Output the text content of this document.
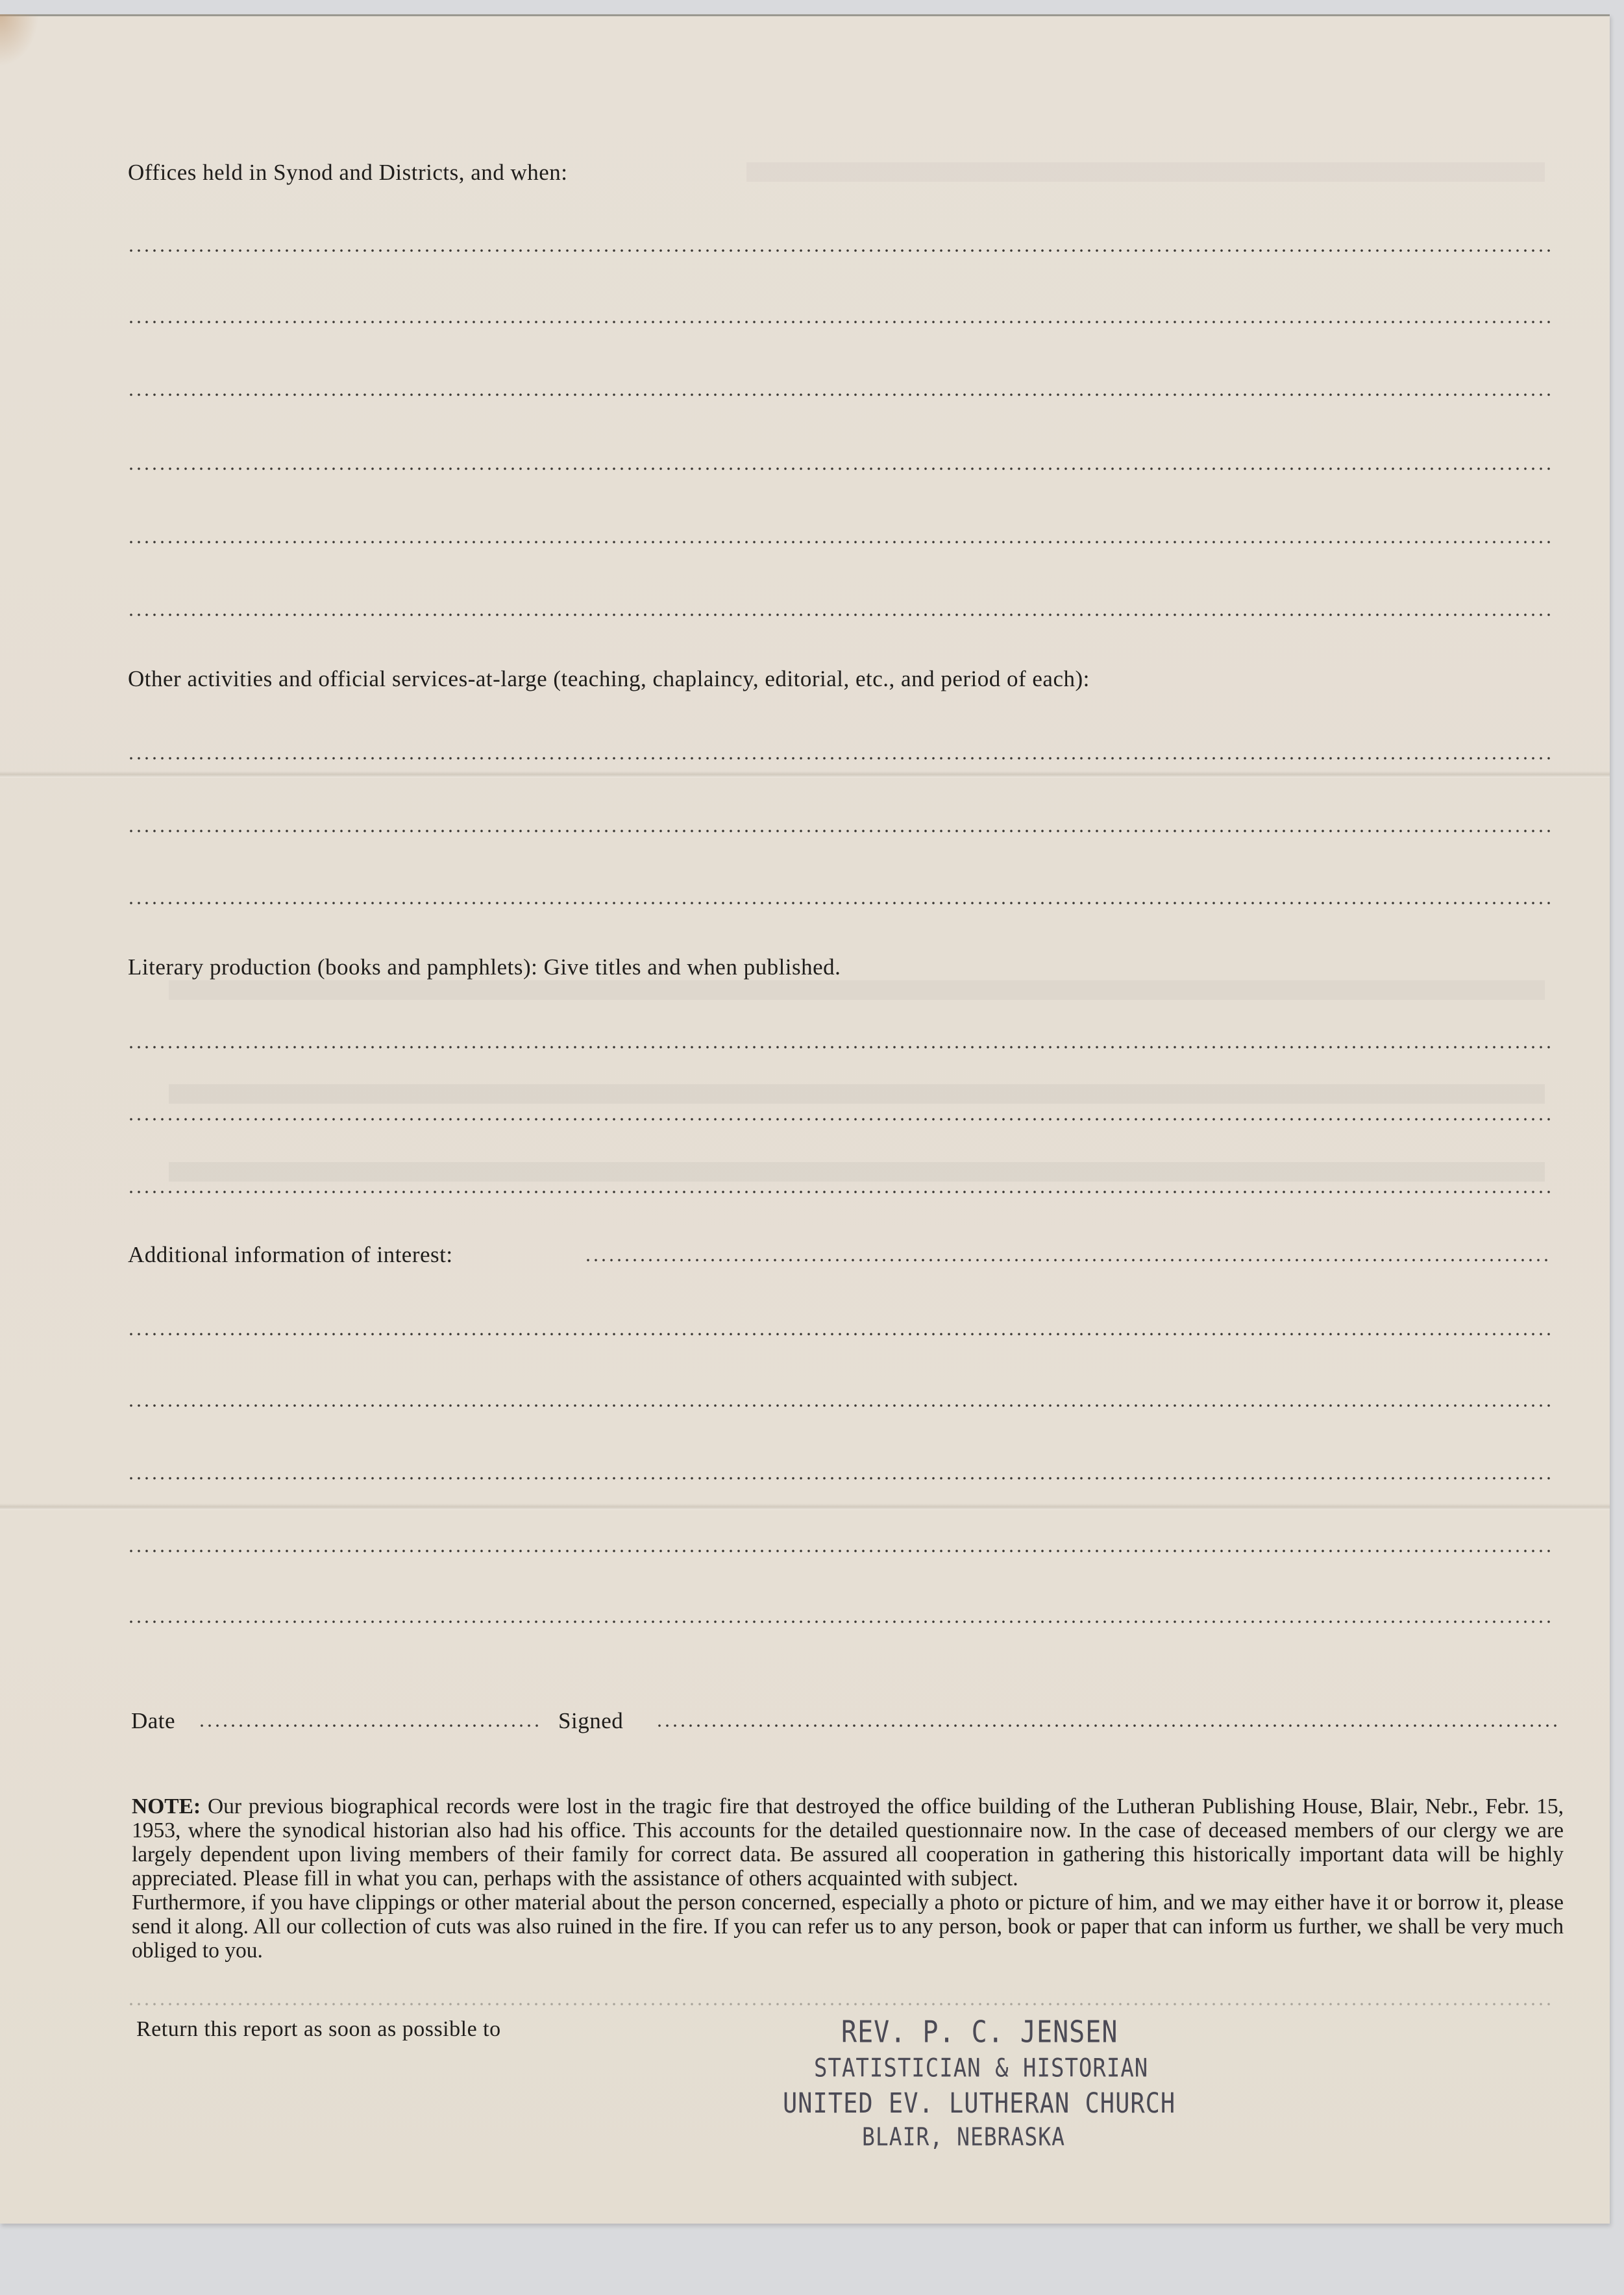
Offices held in Synod and Districts, and when:
Other activities and official services-at-large (teaching, chaplaincy, editorial, etc., and period of each):
Literary production (books and pamphlets): Give titles and when published.
Additional information of interest:
Date	Signed
NOTE: Our previous biographical records were lost in the tragic fire that destroyed the office building of the Lutheran Publishing House, Blair, Nebr., Febr. 15, 1953, where the synodical historian also had his office. This accounts for the detailed questionnaire now. In the case of deceased members of our clergy we are largely dependent upon living members of their family for correct data. Be assured all cooperation in gathering this historically important data will be highly appreciated. Please fill in what you can, perhaps with the assistance of others acquainted with subject.
Furthermore, if you have clippings or other material about the person concerned, especially a photo or picture of him, and we may either have it or borrow it, please send it along. All our collection of cuts was also ruined in the fire. If you can refer us to any person, book or paper that can inform us further, we shall be very much obliged to you.
Return this report as soon as possible to	REV. P. C. JENSEN
STATISTICIAN & HISTORIAN
UNITED EV. LUTHERAN CHURCH
BLAIR, NEBRASKA
